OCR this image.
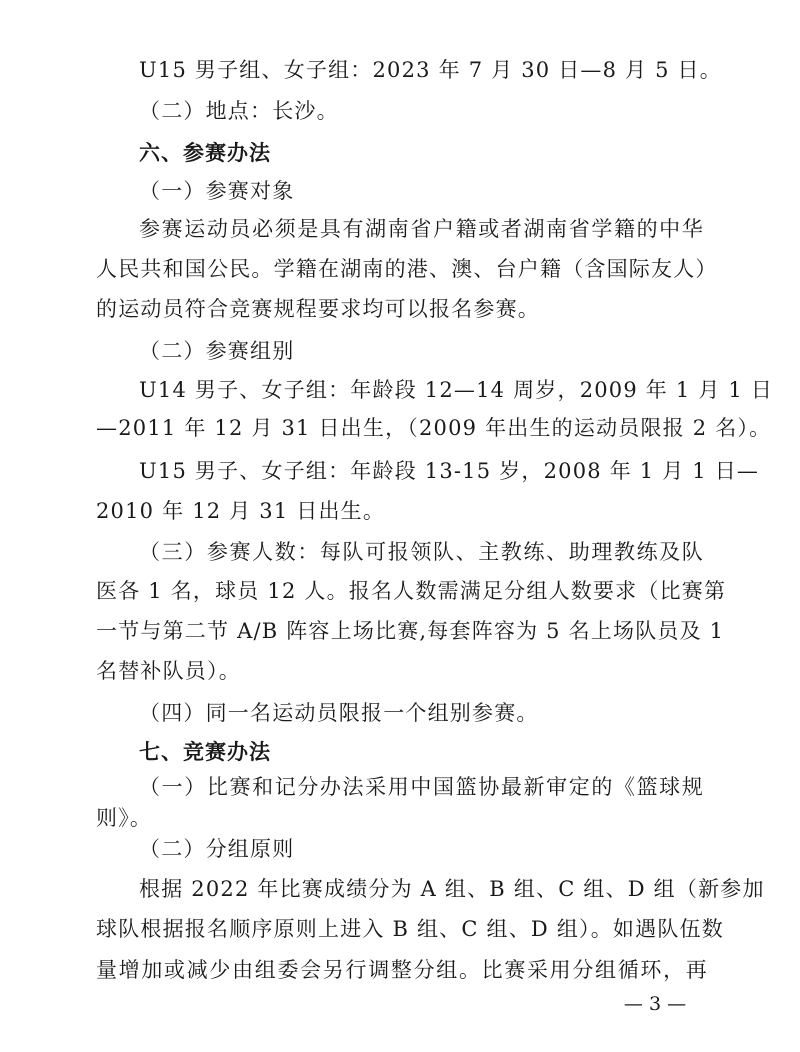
U15 男子组、女子组：2023 年 7 月 30 日—8 月 5 日。
（二）地点：长沙。
六、参赛办法
（一）参赛对象
参赛运动员必须是具有湖南省户籍或者湖南省学籍的中华
人民共和国公民。学籍在湖南的港、澳、台户籍（含国际友人）
的运动员符合竞赛规程要求均可以报名参赛。
（二）参赛组别
U14 男子、女子组：年龄段 12—14 周岁，2009 年 1 月 1 日
—2011 年 12 月 31 日出生，（2009 年出生的运动员限报 2 名）。
U15 男子、女子组：年龄段 13-15 岁，2008 年 1 月 1 日—
2010 年 12 月 31 日出生。
（三）参赛人数：每队可报领队、主教练、助理教练及队
医各 1 名，球员 12 人。报名人数需满足分组人数要求（比赛第
一节与第二节 A/B 阵容上场比赛,每套阵容为 5 名上场队员及 1
名替补队员）。
（四）同一名运动员限报一个组别参赛。
七、竞赛办法
（一）比赛和记分办法采用中国篮协最新审定的《篮球规
则》。
（二）分组原则
根据 2022 年比赛成绩分为 A 组、B 组、C 组、D 组（新参加
球队根据报名顺序原则上进入 B 组、C 组、D 组）。如遇队伍数
量增加或减少由组委会另行调整分组。比赛采用分组循环，再
— 3 —
